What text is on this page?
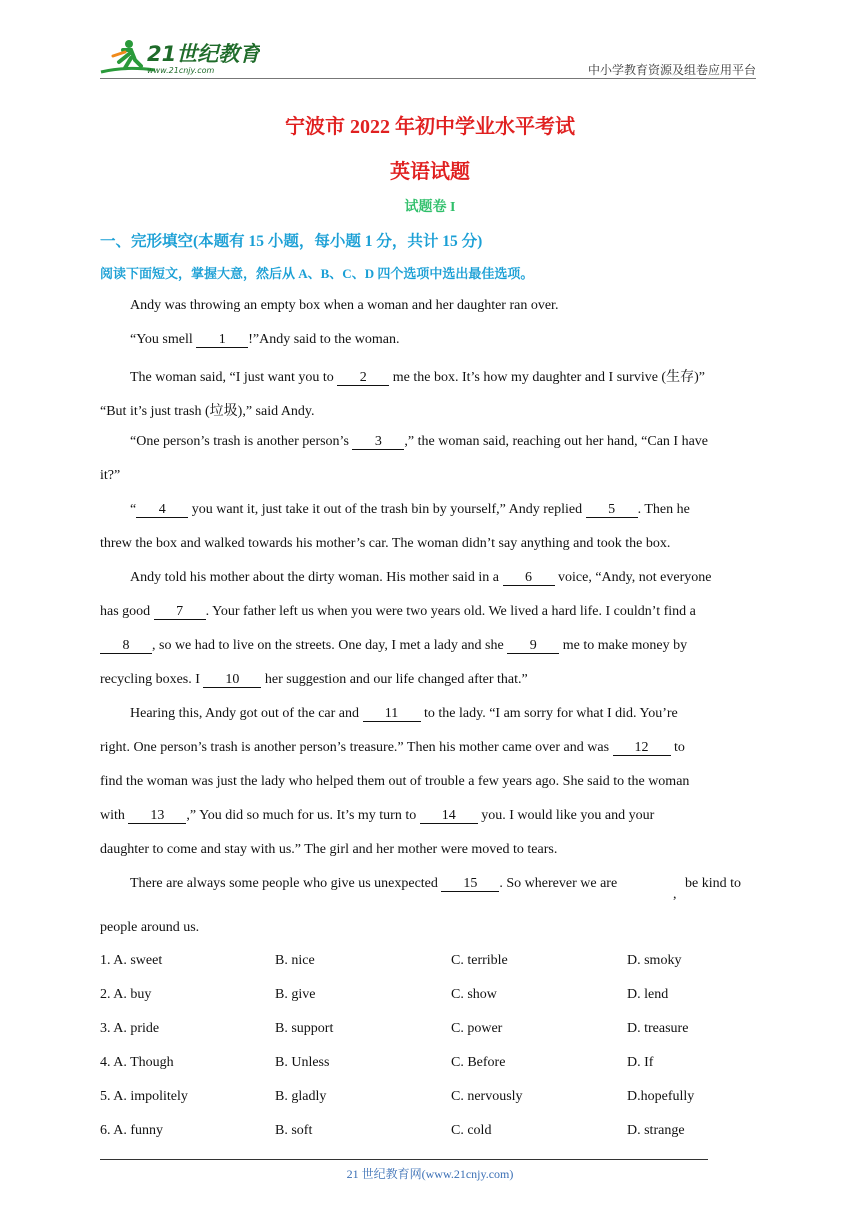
21世纪教育
www.21cnjy.com	中小学教育资源及组卷应用平台
宁波市 2022 年初中学业水平考试
英语试题
试题卷 I
一、完形填空(本题有 15 小题，每小题 1 分，共计 15 分)
阅读下面短文，掌握大意，然后从 A、B、C、D 四个选项中选出最佳选项。
Andy was throwing an empty box when a woman and her daughter ran over.
“You smell 1 !”Andy said to the woman.
The woman said, “I just want you to 2 me the box. It’s how my daughter and I survive (生存)”
“But it’s just trash (垃圾),” said Andy.
“One person’s trash is another person’s 3 ,” the woman said, reaching out her hand, “Can I have
it?”
“ 4 you want it, just take it out of the trash bin by yourself,” Andy replied 5 . Then he
threw the box and walked towards his mother’s car. The woman didn’t say anything and took the box.
Andy told his mother about the dirty woman. His mother said in a 6 voice, “Andy, not everyone
has good 7 . Your father left us when you were two years old. We lived a hard life. I couldn’t find a
8 , so we had to live on the streets. One day, I met a lady and she 9 me to make money by
recycling boxes. I 10 her suggestion and our life changed after that.”
Hearing this, Andy got out of the car and 11 to the lady. “I am sorry for what I did. You’re
right. One person’s trash is another person’s treasure.” Then his mother came over and was 12 to
find the woman was just the lady who helped them out of trouble a few years ago. She said to the woman
with 13 ,” You did so much for us. It’s my turn to 14 you. I would like you and your
daughter to come and stay with us.” The girl and her mother were moved to tears.
There are always some people who give us unexpected 15 . So wherever we are
,
be kind to
people around us.
1. A. sweet	B. nice	C. terrible	D. smoky
2. A. buy	B. give	C. show	D. lend
3. A. pride	B. support	C. power	D. treasure
4. A. Though	B. Unless	C. Before	D. If
5. A. impolitely	B. gladly	C. nervously	D.hopefully
6. A. funny	B. soft	C. cold	D. strange
21 世纪教育网(www.21cnjy.com)
